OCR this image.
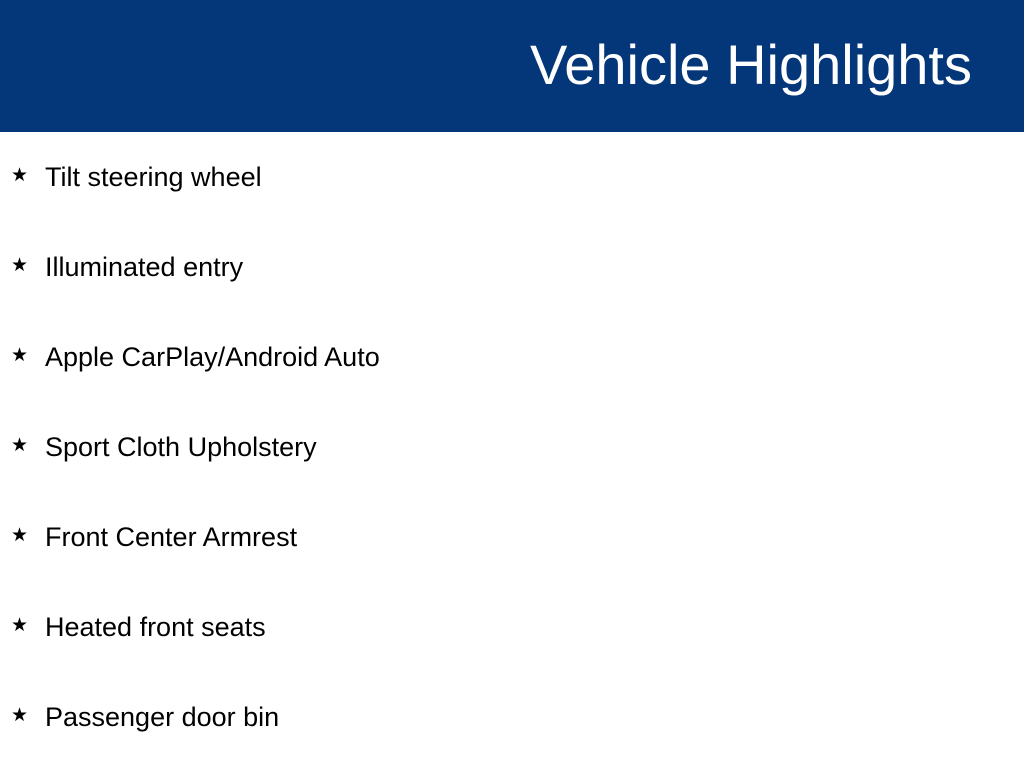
Vehicle Highlights
★ Tilt steering wheel
★ Illuminated entry
★ Apple CarPlay/Android Auto
★ Sport Cloth Upholstery
★ Front Center Armrest
★ Heated front seats
★ Passenger door bin
